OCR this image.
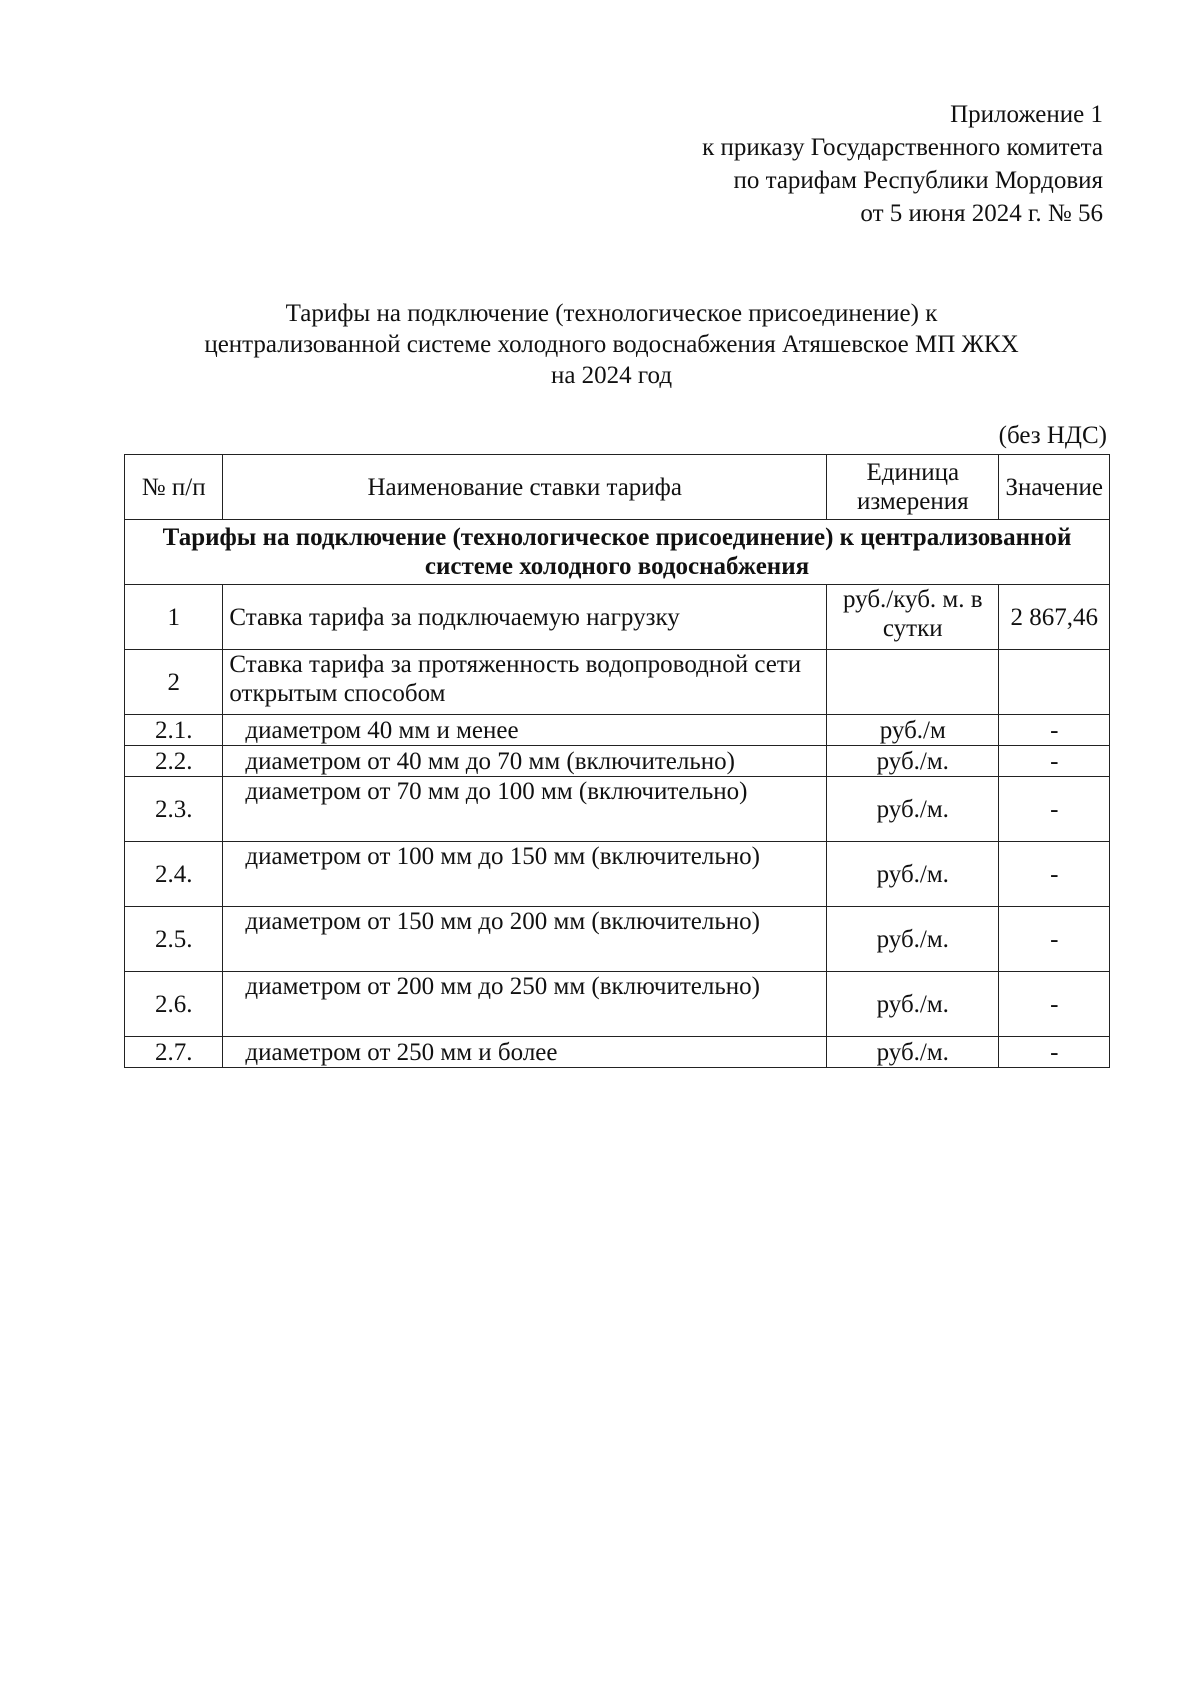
Приложение 1
к приказу Государственного комитета
по тарифам Республики Мордовия
от 5 июня 2024 г. № 56
Тарифы на подключение (технологическое присоединение) к
централизованной системе холодного водоснабжения Атяшевское МП ЖКХ
на 2024 год
(без НДС)
№ п/п	Наименование ставки тарифа	Единица измерения	Значение
Тарифы на подключение (технологическое присоединение) к централизованной системе холодного водоснабжения			
1	Ставка тарифа за подключаемую нагрузку	руб./куб. м. в сутки	2 867,46
2	Ставка тарифа за протяженность водопроводной сети открытым способом		
2.1.	диаметром 40 мм и менее	руб./м	-
2.2.	диаметром от 40 мм до 70 мм (включительно)	руб./м.	-
2.3.	диаметром от 70 мм до 100 мм (включительно)	руб./м.	-
2.4.	диаметром от 100 мм до 150 мм (включительно)	руб./м.	-
2.5.	диаметром от 150 мм до 200 мм (включительно)	руб./м.	-
2.6.	диаметром от 200 мм до 250 мм (включительно)	руб./м.	-
2.7.	диаметром от 250 мм и более	руб./м.	-
